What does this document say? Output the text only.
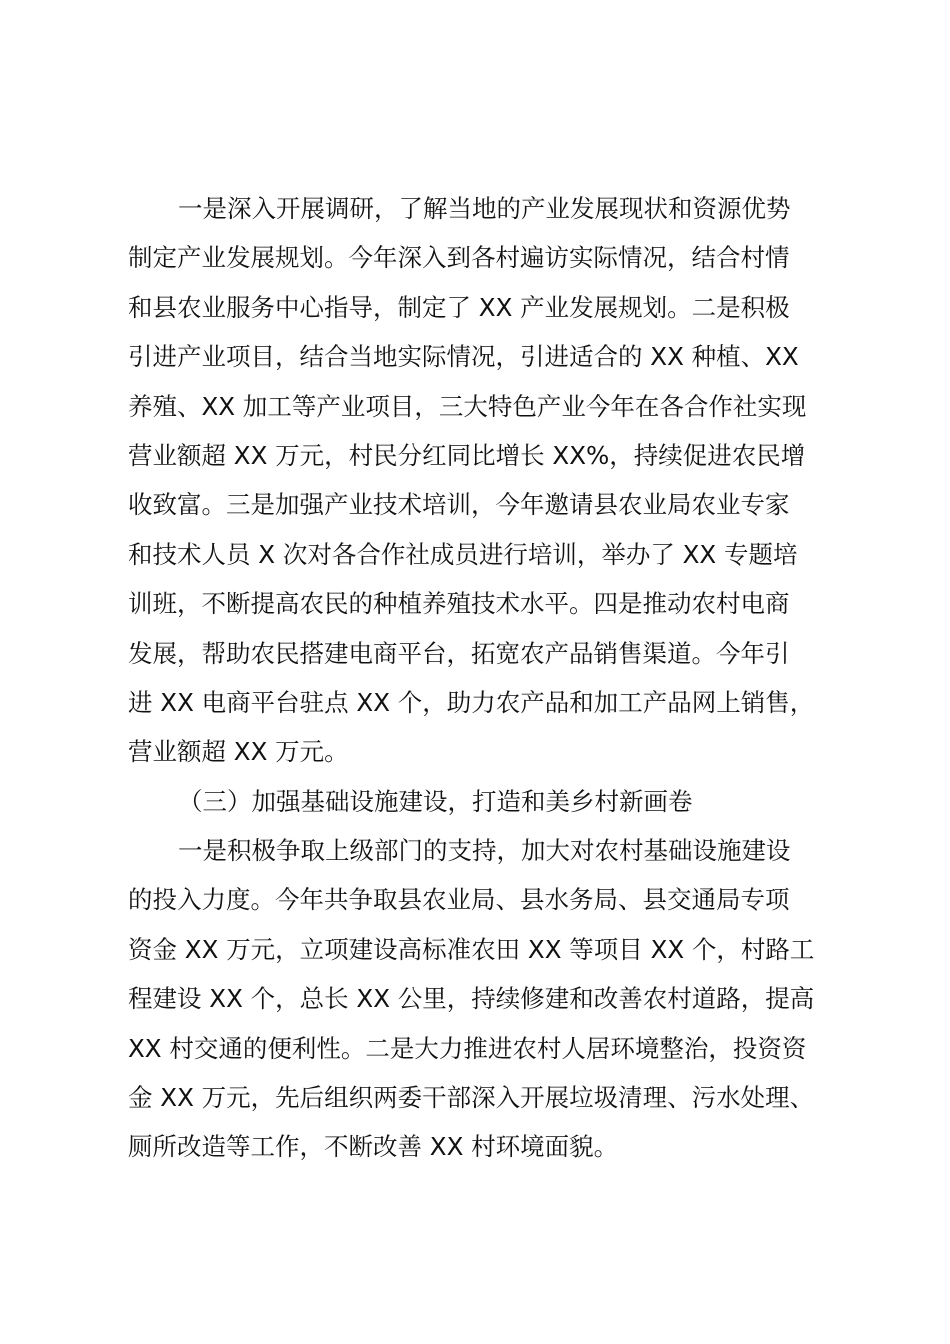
一是深入开展调研，了解当地的产业发展现状和资源优势
制定产业发展规划。今年深入到各村遍访实际情况，结合村情
和县农业服务中心指导，制定了 XX 产业发展规划。二是积极
引进产业项目，结合当地实际情况，引进适合的 XX 种植、XX
养殖、XX 加工等产业项目，三大特色产业今年在各合作社实现
营业额超 XX 万元，村民分红同比增长 XX%，持续促进农民增
收致富。三是加强产业技术培训，今年邀请县农业局农业专家
和技术人员 X 次对各合作社成员进行培训，举办了 XX 专题培
训班，不断提高农民的种植养殖技术水平。四是推动农村电商
发展，帮助农民搭建电商平台，拓宽农产品销售渠道。今年引
进 XX 电商平台驻点 XX 个，助力农产品和加工产品网上销售，
营业额超 XX 万元。
（三）加强基础设施建设，打造和美乡村新画卷
一是积极争取上级部门的支持，加大对农村基础设施建设
的投入力度。今年共争取县农业局、县水务局、县交通局专项
资金 XX 万元，立项建设高标准农田 XX 等项目 XX 个，村路工
程建设 XX 个，总长 XX 公里，持续修建和改善农村道路，提高
XX 村交通的便利性。二是大力推进农村人居环境整治，投资资
金 XX 万元，先后组织两委干部深入开展垃圾清理、污水处理、
厕所改造等工作，不断改善 XX 村环境面貌。
